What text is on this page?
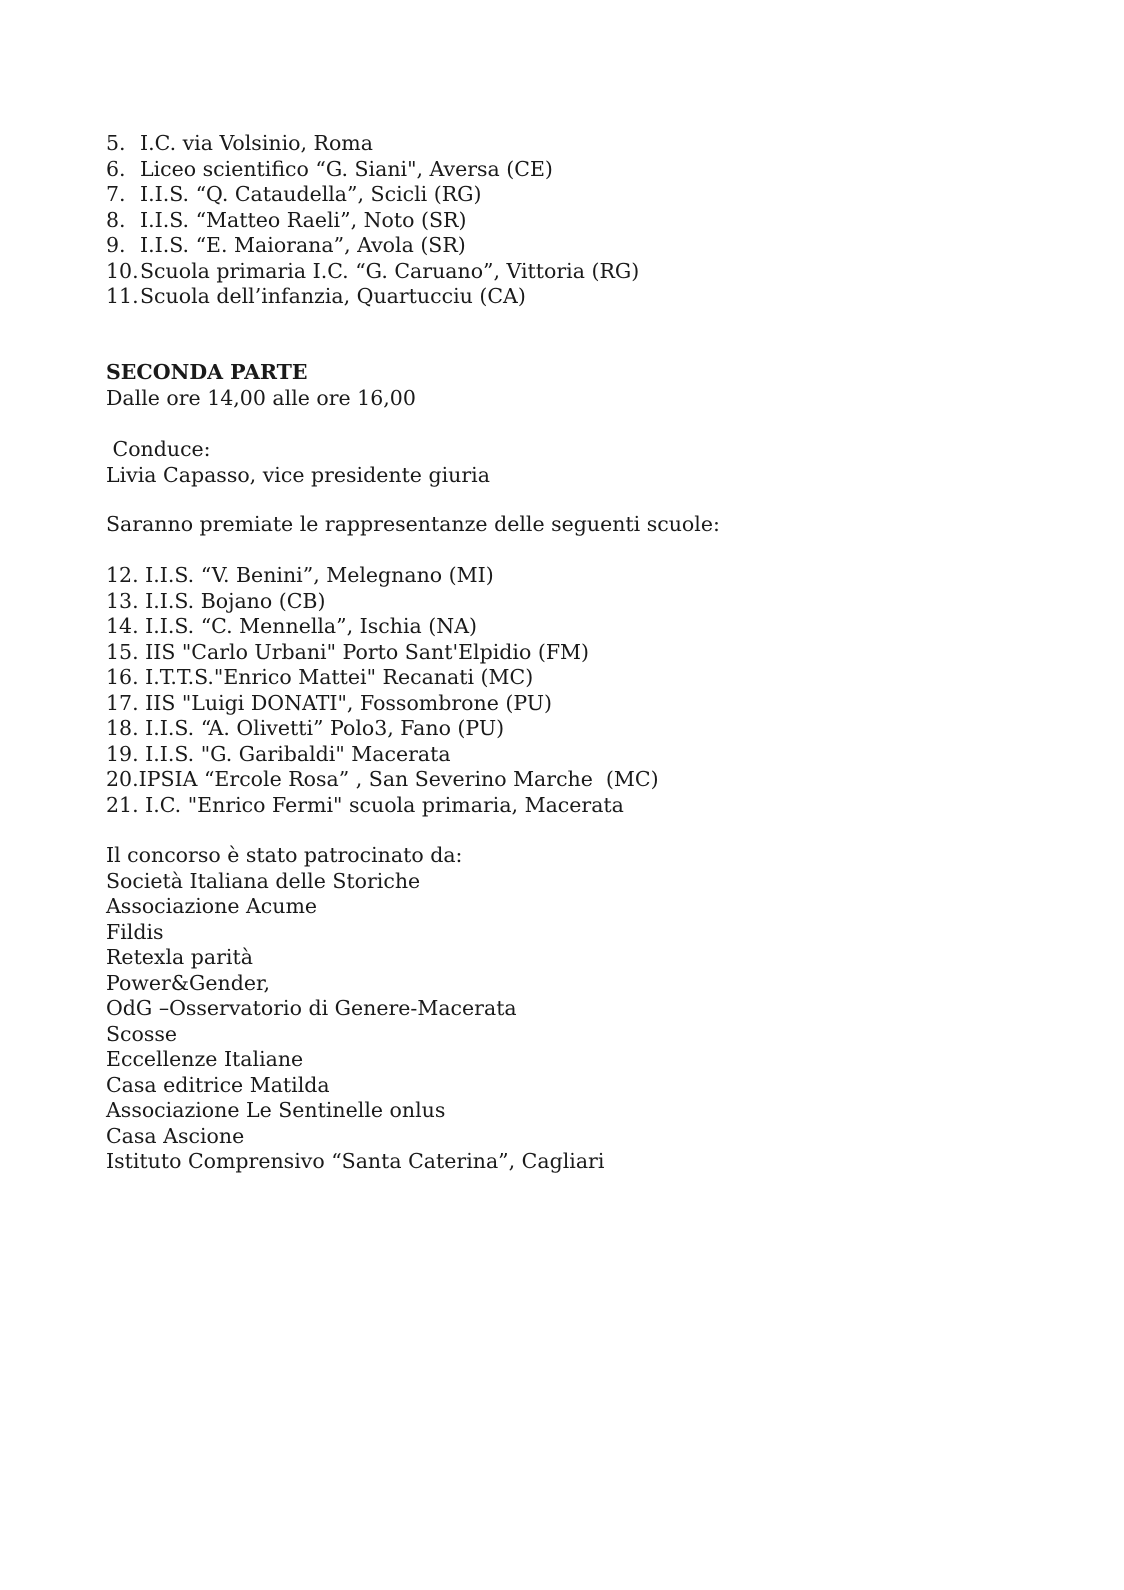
5. I.C. via Volsinio, Roma
6. Liceo scientifico “G. Siani", Aversa (CE)
7. I.I.S. “Q. Cataudella”, Scicli (RG)
8. I.I.S. “Matteo Raeli”, Noto (SR)
9. I.I.S. “E. Maiorana”, Avola (SR)
10.Scuola primaria I.C. “G. Caruano”, Vittoria (RG)
11.Scuola dell’infanzia, Quartucciu (CA)
SECONDA PARTE
Dalle ore 14,00 alle ore 16,00
Conduce:
Livia Capasso, vice presidente giuria
Saranno premiate le rappresentanze delle seguenti scuole:
12. I.I.S. “V. Benini”, Melegnano (MI)
13. I.I.S. Bojano (CB)
14. I.I.S. “C. Mennella”, Ischia (NA)
15. IIS "Carlo Urbani" Porto Sant'Elpidio (FM)
16. I.T.T.S."Enrico Mattei" Recanati (MC)
17. IIS "Luigi DONATI", Fossombrone (PU)
18. I.I.S. “A. Olivetti” Polo3, Fano (PU)
19. I.I.S. "G. Garibaldi" Macerata
20.IPSIA “Ercole Rosa” , San Severino Marche  (MC)
21. I.C. "Enrico Fermi" scuola primaria, Macerata
Il concorso è stato patrocinato da:
Società Italiana delle Storiche
Associazione Acume
Fildis
Retexla parità
Power&Gender,
OdG –Osservatorio di Genere-Macerata
Scosse
Eccellenze Italiane
Casa editrice Matilda
Associazione Le Sentinelle onlus
Casa Ascione
Istituto Comprensivo “Santa Caterina”, Cagliari
